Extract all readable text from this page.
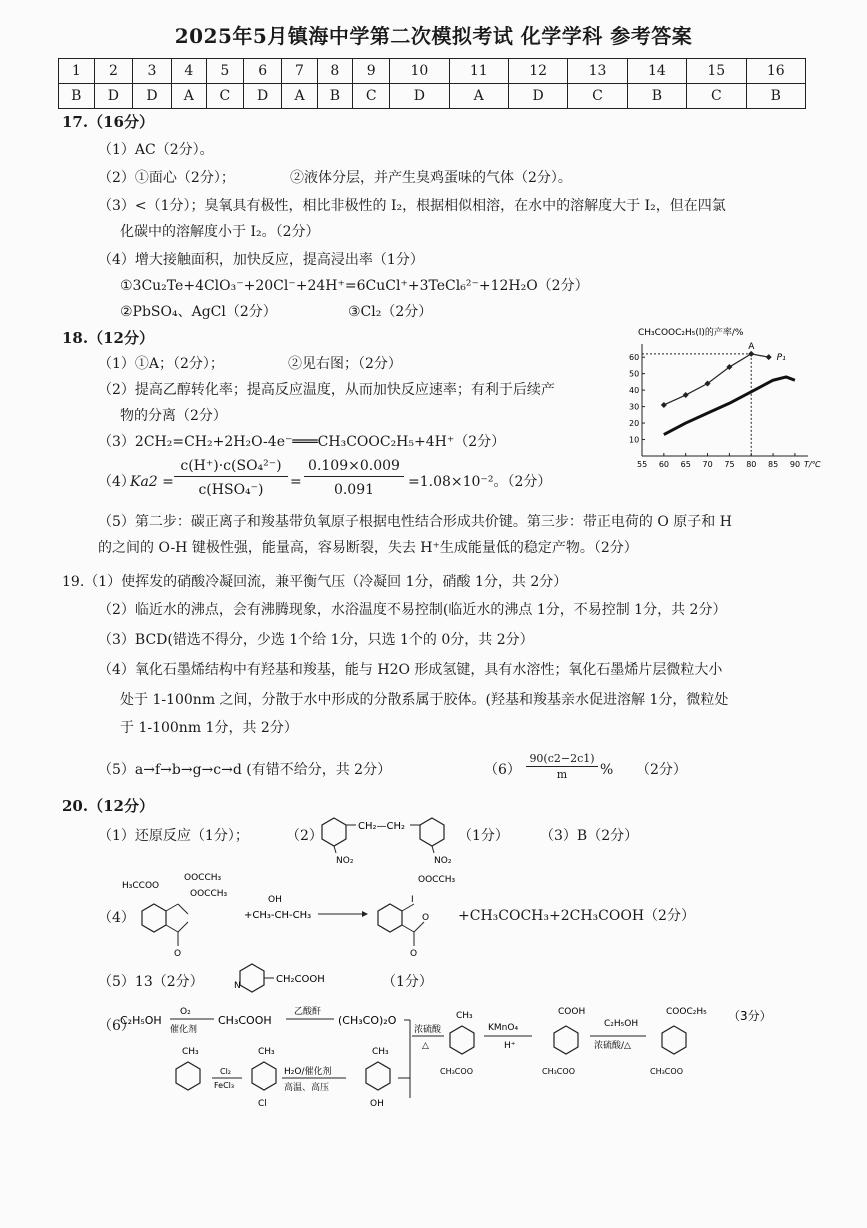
2025年5月镇海中学第二次模拟考试 化学学科 参考答案
1	2	3	4	5	6	7	8	9	10	11	12	13	14	15	16
B	D	D	A	C	D	A	B	C	D	A	D	C	B	C	B
17.（16分）
（1）AC（2分）。
（2）①面心（2分）；	②液体分层，并产生臭鸡蛋味的气体（2分）。
（3）<（1分）；臭氧具有极性，相比非极性的 I₂，根据相似相溶，在水中的溶解度大于 I₂，但在四氯
化碳中的溶解度小于 I₂。（2分）
（4）增大接触面积，加快反应，提高浸出率（1分）
①3Cu₂Te+4ClO₃⁻+20Cl⁻+24H⁺=6CuCl⁺+3TeCl₆²⁻+12H₂O（2分）
②PbSO₄、AgCl（2分）	③Cl₂（2分）
18.（12分）
（1）①A；（2分）；	②见右图；（2分）
（2）提高乙醇转化率；提高反应温度，从而加快反应速率；有利于后续产
物的分离（2分）
（3）2CH₂=CH₂+2H₂O-4e⁻═══CH₃COOC₂H₅+4H⁺（2分）
（4）
Ka2 =
c(H⁺)·c(SO₄²⁻)
c(HSO₄⁻)	=
0.109×0.009
0.091	=1.08×10⁻²。（2分）
（5）第二步：碳正离子和羧基带负氧原子根据电性结合形成共价键。第三步：带正电荷的 O 原子和 H
的之间的 O-H 键极性强，能量高，容易断裂，失去 H⁺生成能量低的稳定产物。（2分）
CH₃COOC₂H₅(l)的产率/%
55 60 65 70 75 80 85 90 T/℃
10
20
30
40
50
60	P₁
A
19.（1）使挥发的硝酸冷凝回流，兼平衡气压（冷凝回 1分，硝酸 1分，共 2分）
（2）临近水的沸点，会有沸腾现象，水浴温度不易控制(临近水的沸点 1分，不易控制 1分，共 2分）
（3）BCD(错选不得分，少选 1个给 1分，只选 1个的 0分，共 2分）
（4）氧化石墨烯结构中有羟基和羧基，能与 H2O 形成氢键，具有水溶性；氧化石墨烯片层微粒大小
处于 1-100nm 之间，分散于水中形成的分散系属于胶体。(羟基和羧基亲水促进溶解 1分，微粒处
于 1-100nm 1分，共 2分）
（5）a→f→b→g→c→d (有错不给分，共 2分）	（6）
90(c2−2c1)
m	% （2分）
20.（12分）
（1）还原反应（1分）；	（2）
CH₂—CH₂
NO₂	NO₂
（1分） （3）B（2分）
（4）
H₃CCOO
OOCCH₃
OOCCH₃
O
OH
+CH₃-CH-CH₃
I
OOCCH₃
O
O
+CH₃COCH₃+2CH₃COOH（2分）
（5）13（2分）	N
CH₂COOH	（1分）
（6）
C₂H₅OH
O₂
催化剂
CH₃COOH
乙酸酐
(CH₃CO)₂O
CH₃
Cl₂
FeCl₃
CH₃
Cl
H₂O/催化剂
高温、高压
CH₃
OH
浓硫酸
△
CH₃
CH₃COO
KMnO₄
H⁺
COOH
CH₃COO
C₂H₅OH
浓硫酸/△
COOC₂H₅
CH₃COO
（3分）
